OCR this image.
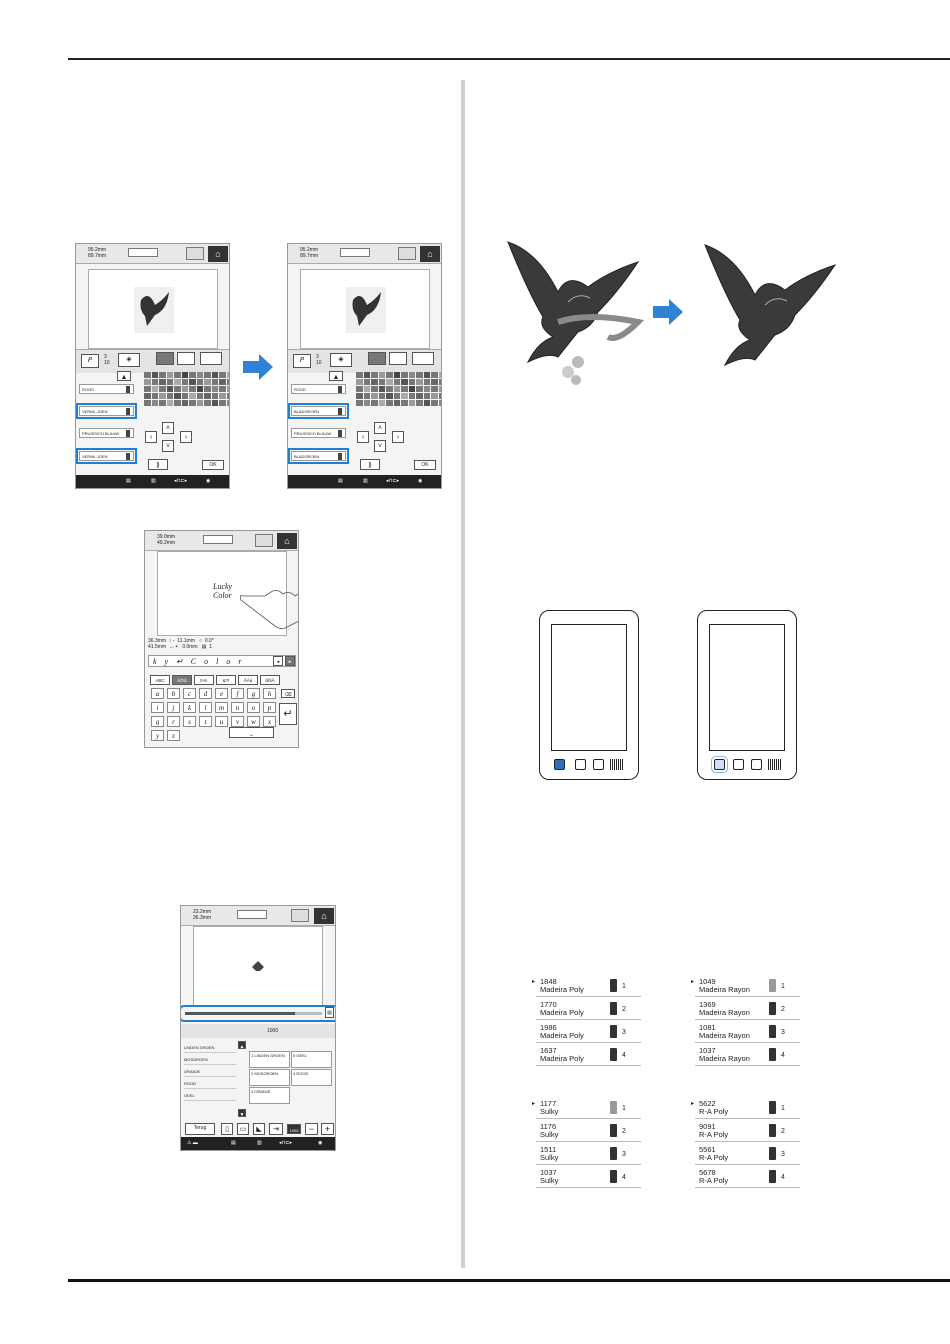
95.2mm
89.7mm	⌂
𝘗	3
10	◈
ROOD
VERML.JOEN
PRUISSICH BLAUW
VERML.JOEN
▲
‹
˄
˅
›
⟫	OK
▤	▥	◂⊓⊏▸	◉
95.2mm
89.7mm	⌂
𝘗	3
10	◈
ROOD
BLADGROEN
PRUISSICH BLAUW
BLADGROEN
▲
‹
˄
˅
›
⟫	OK
▤	▥	◂⊓⊏▸	◉
39.0mm
49.2mm	⌂
Lucky
Color
36.3mm  ↕ -  11.1mm   ○  0.0°
41.5mm  ↔ +   0.0mm   ▤  1
k y ↵ C o l o r	◂	▸
ABC	ÄÖÜ	0-9.	&?!	ÅÀá	ßÑÄ
a	b	c	d	e	f	g	h
i	j	k	l	m	n	o	p
q	r	s	t	u	v	w	x
y	z
⌫
↵
⎵
23.2mm
36.3mm	⌂
▤
1000
LINDEN GROEN
MOSGROEN
ORANJE
ROOD
GEEL
1 LINDEN GROEN	5 GEEL
2 MOSGROEN	4 ROOD
3 ORANJE
▲
▼
Terug	▯	▭	◣	⇥	1000	−	+
⚠ ▬	▤	▥	◂⊓⊏▸	◉
▸ 1848
Madeira Poly	1
1770
Madeira Poly	2
1986
Madeira Poly	3
1637
Madeira Poly	4
▸ 1049
Madeira Rayon	1
1369
Madeira Rayon	2
1081
Madeira Rayon	3
1037
Madeira Rayon	4
▸ 1177
Sulky	1
1176
Sulky	2
1511
Sulky	3
1037
Sulky	4
▸ 5622
R-A Poly	1
9091
R-A Poly	2
5561
R-A Poly	3
5678
R-A Poly	4
